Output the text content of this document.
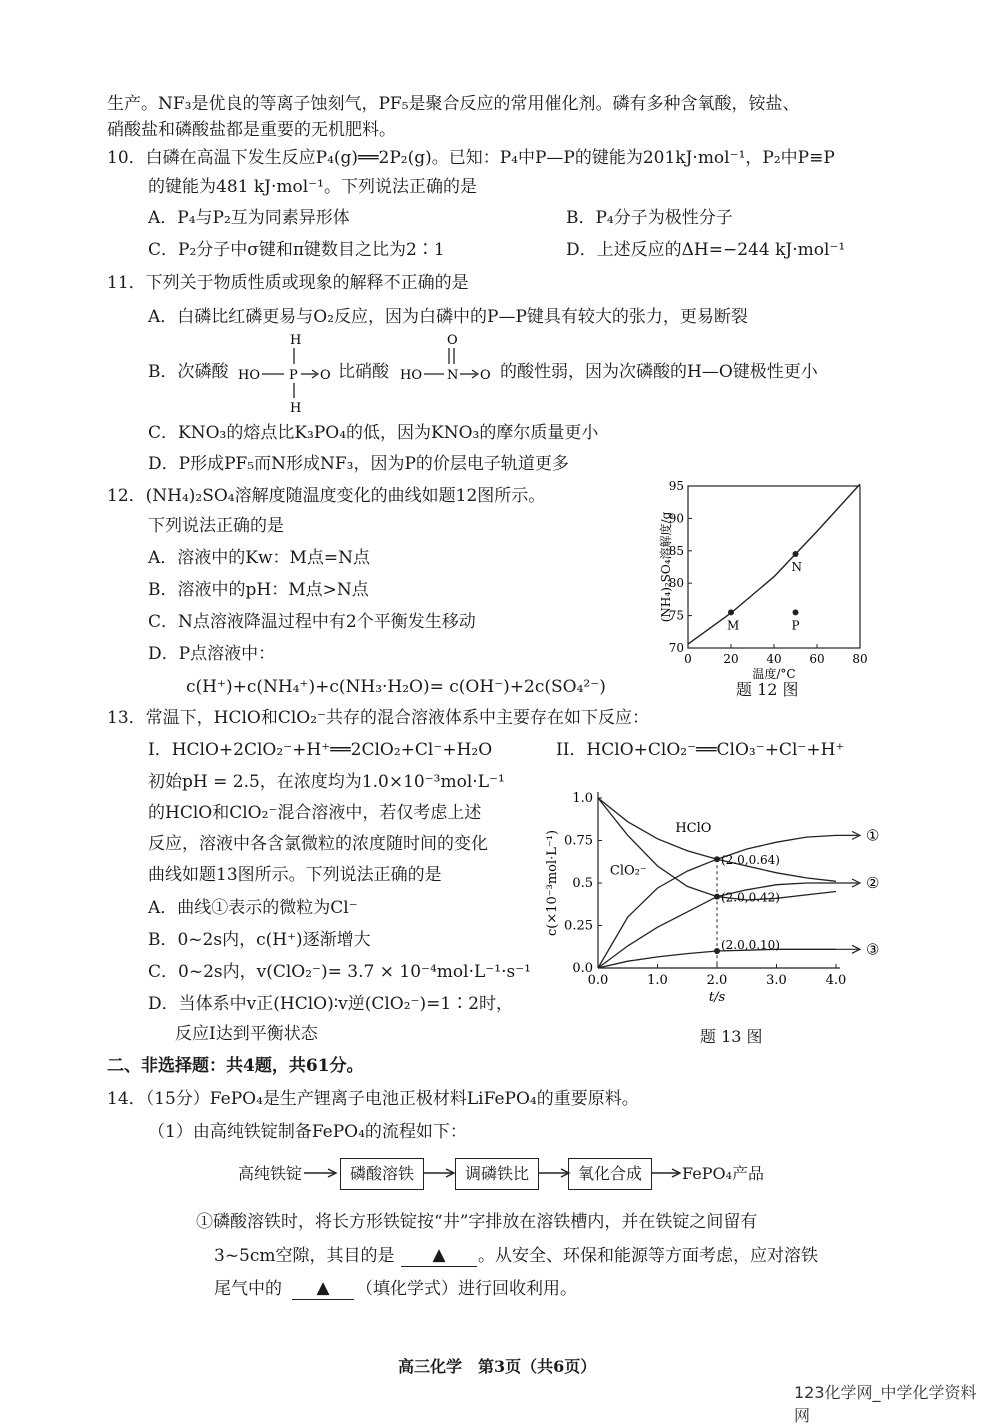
生产。NF₃是优良的等离子蚀刻气，PF₅是聚合反应的常用催化剂。磷有多种含氧酸，铵盐、
硝酸盐和磷酸盐都是重要的无机肥料。
10．白磷在高温下发生反应P₄(g)══2P₂(g)。已知：P₄中P—P的键能为201kJ·mol⁻¹，P₂中P≡P
的键能为481 kJ·mol⁻¹。下列说法正确的是
A．P₄与P₂互为同素异形体	B．P₄分子为极性分子
C．P₂分子中σ键和π键数目之比为2∶1	D．上述反应的ΔH=−244 kJ·mol⁻¹
11．下列关于物质性质或现象的解释不正确的是
A．白磷比红磷更易与O₂反应，因为白磷中的P—P键具有较大的张力，更易断裂
B．次磷酸
H
HO P O
H
比硝酸
O
HO N O 的酸性弱，因为次磷酸的H—O键极性更小
C．KNO₃的熔点比K₃PO₄的低，因为KNO₃的摩尔质量更小
D．P形成PF₅而N形成NF₃，因为P的价层电子轨道更多
12．(NH₄)₂SO₄溶解度随温度变化的曲线如题12图所示。
下列说法正确的是
A．溶液中的Kw：M点=N点
B．溶液中的pH：M点>N点
C．N点溶液降温过程中有2个平衡发生移动
D．P点溶液中：
c(H⁺)+c(NH₄⁺)+c(NH₃·H₂O)= c(OH⁻)+2c(SO₄²⁻)
0	20 40 60 80
70
75
80
85
90
95
M
N
P
温度/°C
(NH₄)₂SO₄溶解度/g
题 12 图
13．常温下，HClO和ClO₂⁻共存的混合溶液体系中主要存在如下反应：
I．HClO+2ClO₂⁻+H⁺══2ClO₂+Cl⁻+H₂O	II．HClO+ClO₂⁻══ClO₃⁻+Cl⁻+H⁺
初始pH = 2.5，在浓度均为1.0×10⁻³mol·L⁻¹
的HClO和ClO₂⁻混合溶液中，若仅考虑上述
反应，溶液中各含氯微粒的浓度随时间的变化
曲线如题13图所示。下列说法正确的是
A．曲线①表示的微粒为Cl⁻
B．0~2s内，c(H⁺)逐渐增大
C．0~2s内，v(ClO₂⁻)= 3.7 × 10⁻⁴mol·L⁻¹·s⁻¹
D．当体系中v正(HClO)∶v逆(ClO₂⁻)=1∶2时，
反应I达到平衡状态
0.0	1.0	2.0	3.0	4.0
0.0
0.25
0.5
0.75
1.0
t/s
c(×10⁻³mol·L⁻¹)
HClO
ClO₂⁻
①
②
③
(2.0,0.64)
(2.0,0.42)
(2.0,0.10)
题 13 图
二、非选择题：共4题，共61分。
14．（15分）FePO₄是生产锂离子电池正极材料LiFePO₄的重要原料。
（1）由高纯铁锭制备FePO₄的流程如下：
高纯铁锭	磷酸溶铁	调磷铁比	氧化合成	FePO₄产品
①磷酸溶铁时，将长方形铁锭按“井”字排放在溶铁槽内，并在铁锭之间留有
3~5cm空隙，其目的是	▲	。从安全、环保和能源等方面考虑，应对溶铁
尾气中的	▲	（填化学式）进行回收利用。
高三化学　第3页（共6页）
123化学网_中学化学资料网
